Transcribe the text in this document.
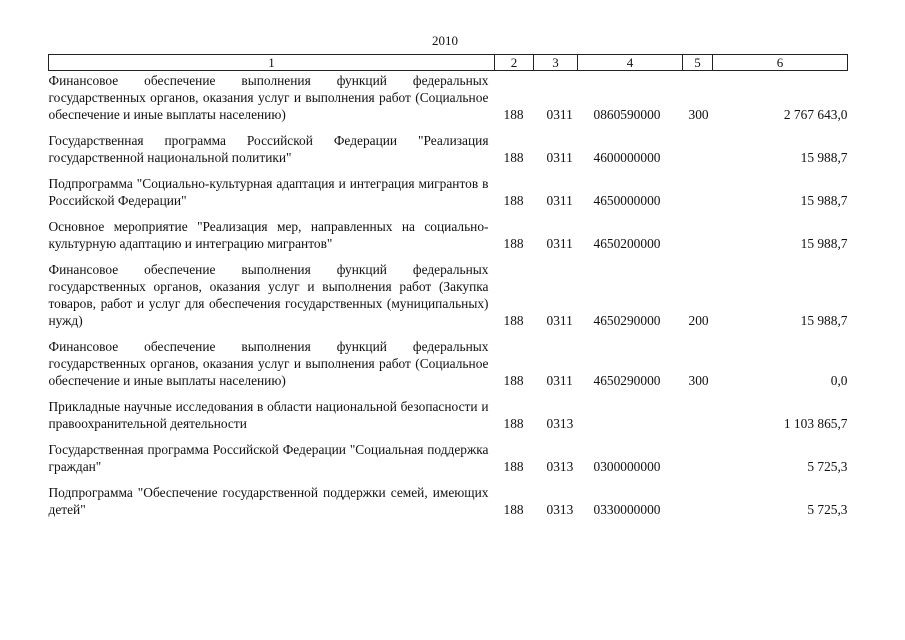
2010
1	2	3	4	5	6
Финансовое обеспечение выполнения функций федеральных государственных органов, оказания услуг и выполнения работ (Социальное обеспечение и иные выплаты населению)	188	0311	0860590000	300	2 767 643,0
Государственная программа Российской Федерации "Реализация государственной национальной политики"	188	0311	4600000000		15 988,7
Подпрограмма "Социально-культурная адаптация и интеграция мигрантов в Российской Федерации"	188	0311	4650000000		15 988,7
Основное мероприятие "Реализация мер, направленных на социально-культурную адаптацию и интеграцию мигрантов"	188	0311	4650200000		15 988,7
Финансовое обеспечение выполнения функций федеральных государственных органов, оказания услуг и выполнения работ (Закупка товаров, работ и услуг для обеспечения государственных (муниципальных) нужд)	188	0311	4650290000	200	15 988,7
Финансовое обеспечение выполнения функций федеральных государственных органов, оказания услуг и выполнения работ (Социальное обеспечение и иные выплаты населению)	188	0311	4650290000	300	0,0
Прикладные научные исследования в области национальной безопасности и правоохранительной деятельности	188	0313			1 103 865,7
Государственная программа Российской Федерации "Социальная поддержка граждан"	188	0313	0300000000		5 725,3
Подпрограмма "Обеспечение государственной поддержки семей, имеющих детей"	188	0313	0330000000		5 725,3
